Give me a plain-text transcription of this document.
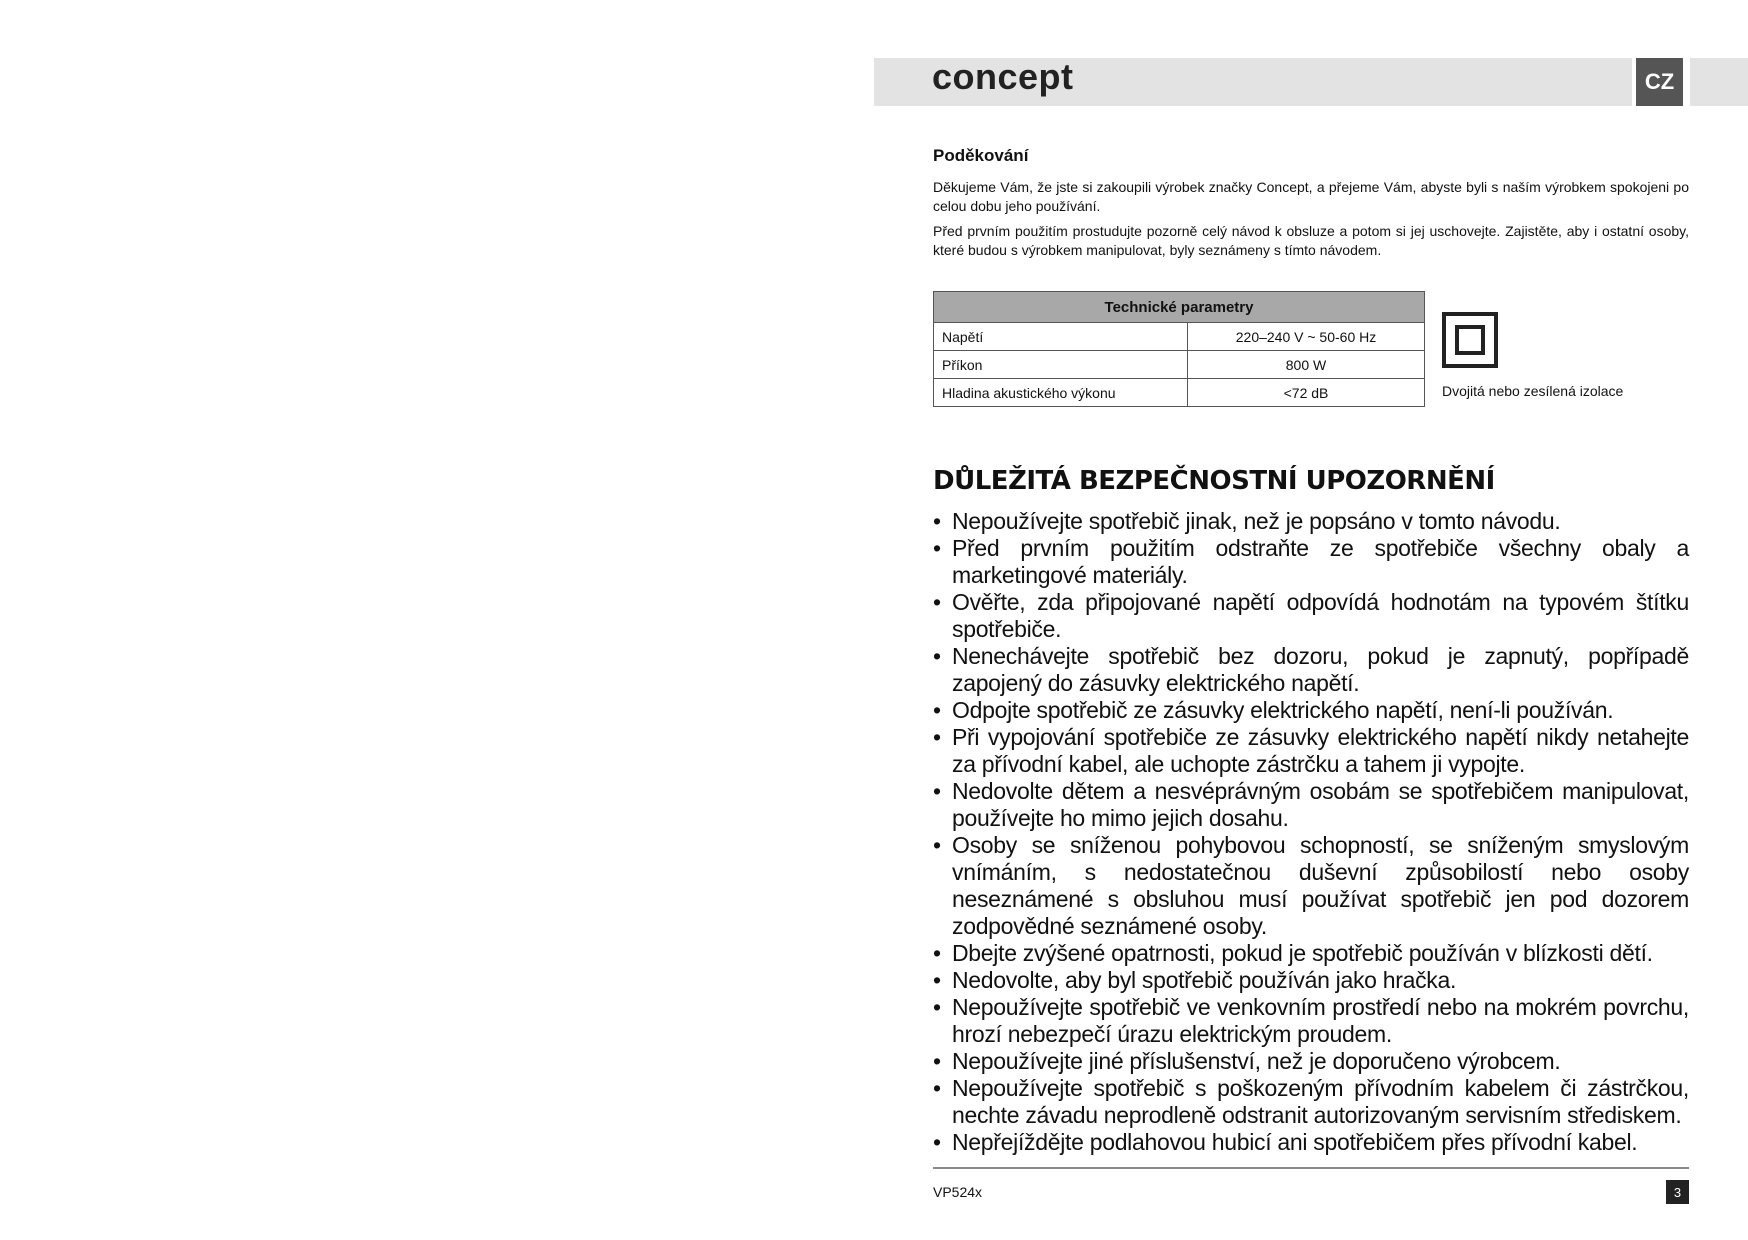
concept	CZ
Poděkování
Děkujeme Vám, že jste si zakoupili výrobek značky Concept, a přejeme Vám, abyste byli s naším výrobkem spokojeni po celou dobu jeho používání.
Před prvním použitím prostudujte pozorně celý návod k obsluze a potom si jej uschovejte. Zajistěte, aby i ostatní osoby, které budou s výrobkem manipulovat, byly seznámeny s tímto návodem.
Technické parametry	
Napětí	220–240 V ~ 50-60 Hz
Příkon	800 W
Hladina akustického výkonu	<72 dB	Dvojitá nebo zesílená izolace
DŮLEŽITÁ BEZPEČNOSTNÍ UPOZORNĚNÍ
• Nepoužívejte spotřebič jinak, než je popsáno v tomto návodu.
• Před prvním použitím odstraňte ze spotřebiče všechny obaly a marketingové materiály.
• Ověřte, zda připojované napětí odpovídá hodnotám na typovém štítku spotřebiče.
• Nenechávejte spotřebič bez dozoru, pokud je zapnutý, popřípadě zapojený do zásuvky elektrického napětí.
• Odpojte spotřebič ze zásuvky elektrického napětí, není-li používán.
• Při vypojování spotřebiče ze zásuvky elektrického napětí nikdy netahejte za přívodní kabel, ale uchopte zástrčku a tahem ji vypojte.
• Nedovolte dětem a nesvéprávným osobám se spotřebičem manipulovat, používejte ho mimo jejich dosahu.
• Osoby se sníženou pohybovou schopností, se sníženým smyslovým vnímáním, s nedostatečnou duševní způsobilostí nebo osoby neseznámené s obsluhou musí používat spotřebič jen pod dozorem zodpovědné seznámené osoby.
• Dbejte zvýšené opatrnosti, pokud je spotřebič používán v blízkosti dětí.
• Nedovolte, aby byl spotřebič používán jako hračka.
• Nepoužívejte spotřebič ve venkovním prostředí nebo na mokrém povrchu, hrozí nebezpečí úrazu elektrickým proudem.
• Nepoužívejte jiné příslušenství, než je doporučeno výrobcem.
• Nepoužívejte spotřebič s poškozeným přívodním kabelem či zástrčkou, nechte závadu neprodleně odstranit autorizovaným servisním střediskem.
• Nepřejíždějte podlahovou hubicí ani spotřebičem přes přívodní kabel.
VP524x	3
